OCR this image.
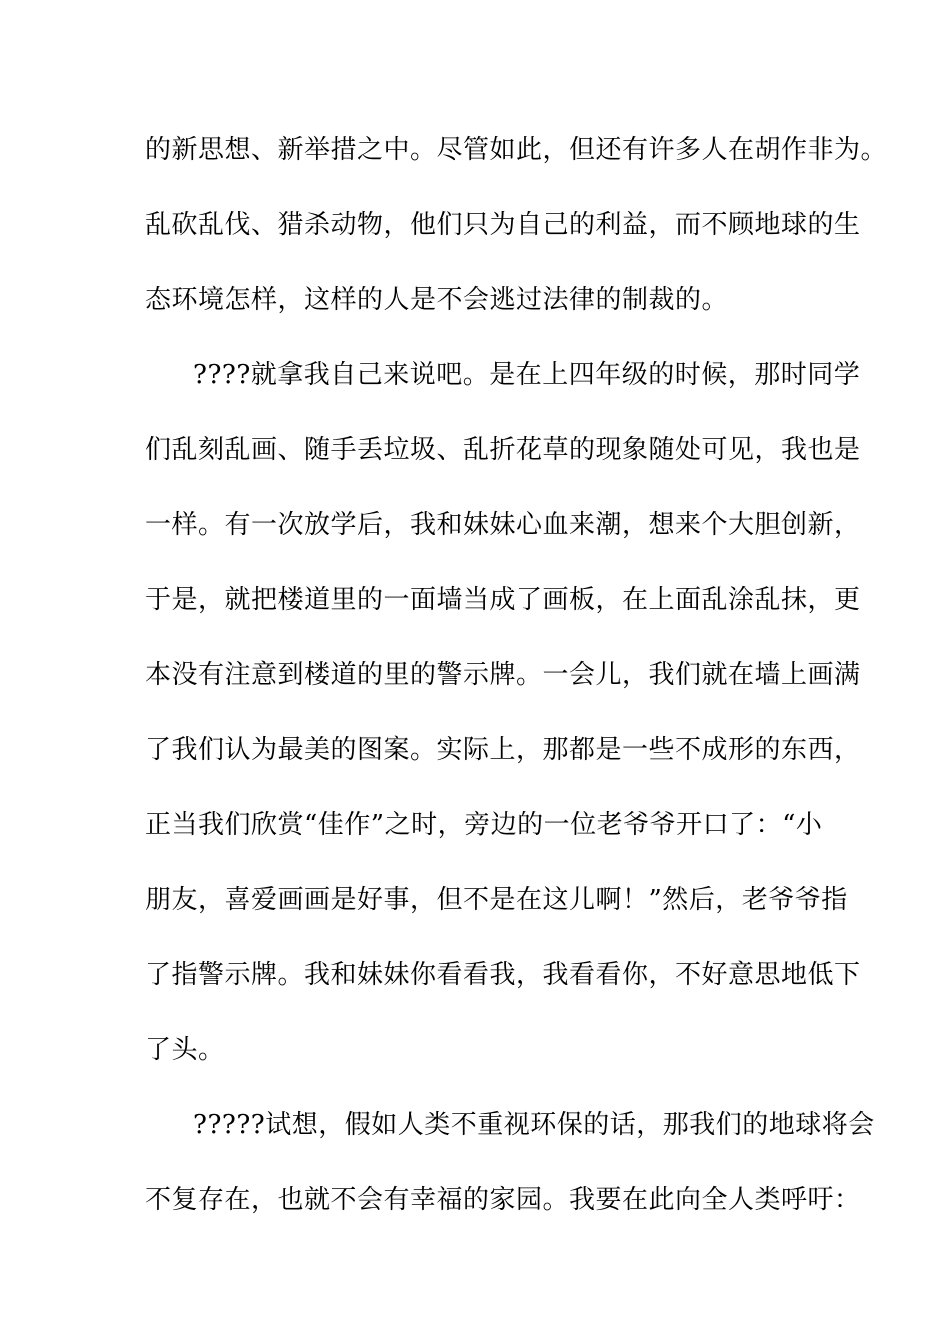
的新思想、新举措之中。尽管如此，但还有许多人在胡作非为。
乱砍乱伐、猎杀动物，他们只为自己的利益，而不顾地球的生
态环境怎样，这样的人是不会逃过法律的制裁的。
????就拿我自己来说吧。是在上四年级的时候，那时同学
们乱刻乱画、随手丢垃圾、乱折花草的现象随处可见，我也是
一样。有一次放学后，我和妹妹心血来潮，想来个大胆创新，
于是，就把楼道里的一面墙当成了画板，在上面乱涂乱抹，更
本没有注意到楼道的里的警示牌。一会儿，我们就在墙上画满
了我们认为最美的图案。实际上，那都是一些不成形的东西，
正当我们欣赏“佳作”之时，旁边的一位老爷爷开口了：“小
朋友，喜爱画画是好事，但不是在这儿啊！”然后，老爷爷指
了指警示牌。我和妹妹你看看我，我看看你，不好意思地低下
了头。
?????试想，假如人类不重视环保的话，那我们的地球将会
不复存在，也就不会有幸福的家园。我要在此向全人类呼吁：
